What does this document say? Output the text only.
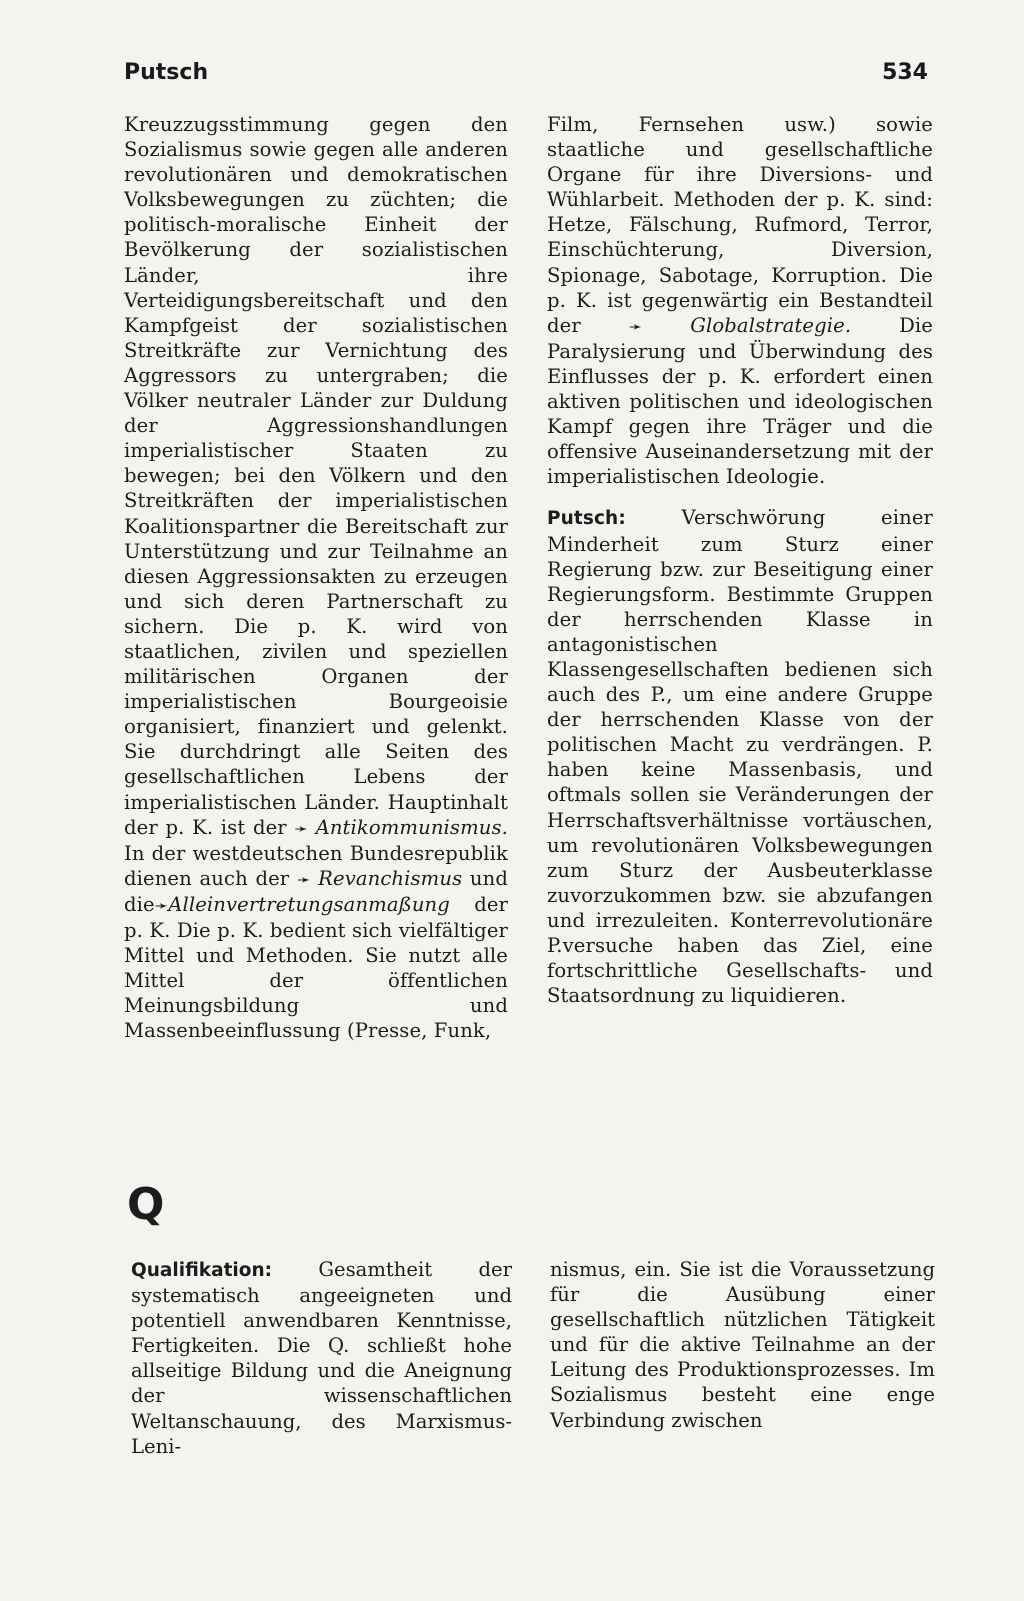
Putsch	534

Kreuzzugsstimmung gegen den Sozialismus sowie gegen alle anderen revolutionären und demokratischen Volksbewegungen zu züchten; die politisch-moralische Einheit der Bevölkerung der sozialistischen Länder, ihre Verteidigungsbereitschaft und den Kampfgeist der sozialistischen Streitkräfte zur Vernichtung des Aggressors zu untergraben; die Völker neutraler Länder zur Duldung der Aggressionshandlungen imperialistischer Staaten zu bewegen; bei den Völkern und den Streitkräften der imperialistischen Koalitionspartner die Bereitschaft zur Unterstützung und zur Teilnahme an diesen Aggressionsakten zu erzeugen und sich deren Partnerschaft zu sichern. Die p. K. wird von staatlichen, zivilen und speziellen militärischen Organen der imperialistischen Bourgeoisie organisiert, finanziert und gelenkt. Sie durchdringt alle Seiten des gesellschaftlichen Lebens der imperialistischen Länder. Hauptinhalt der p. K. ist der ➛ Antikommunismus. In der westdeutschen Bundesrepublik dienen auch der ➛ Revanchismus und die➛Alleinvertretungsanmaßung der p. K. Die p. K. bedient sich vielfältiger Mittel und Methoden. Sie nutzt alle Mittel der öffentlichen Meinungsbildung und Massenbeeinflussung (Presse, Funk,

Film, Fernsehen usw.) sowie staatliche und gesellschaftliche Organe für ihre Diversions- und Wühlarbeit. Methoden der p. K. sind: Hetze, Fälschung, Rufmord, Terror, Einschüchterung, Diversion, Spionage, Sabotage, Korruption. Die p. K. ist gegenwärtig ein Bestandteil der	➛ Globalstrategie. Die Paralysierung und Überwindung des Einflusses der p. K. erfordert einen aktiven politischen und ideologischen Kampf gegen ihre Träger und die offensive Auseinandersetzung mit der imperialistischen Ideologie.

Putsch: Verschwörung einer Minderheit zum Sturz einer Regierung bzw. zur Beseitigung einer Regierungsform. Bestimmte Gruppen der herrschenden Klasse in antagonistischen Klassengesellschaften bedienen sich auch des P., um eine andere Gruppe der herrschenden Klasse von der politischen Macht zu verdrängen. P. haben keine Massenbasis, und oftmals sollen sie Veränderungen der Herrschaftsverhältnisse vortäuschen, um revolutionären Volksbewegungen zum Sturz der Ausbeuterklasse zuvorzukommen bzw. sie abzufangen und irrezuleiten. Konterrevolutionäre P.versuche haben das Ziel, eine fortschrittliche Gesellschafts- und Staatsordnung zu liquidieren.

Q
Qualifikation: Gesamtheit der systematisch angeeigneten und potentiell anwendbaren Kenntnisse, Fertigkeiten. Die Q. schließt hohe allseitige Bildung und die Aneignung der wissenschaftlichen Weltanschauung, des Marxismus-Leni-
nismus, ein. Sie ist die Voraussetzung für die Ausübung einer gesellschaftlich nützlichen Tätigkeit und für die aktive Teilnahme an der Leitung des Produktionsprozesses. Im Sozialismus besteht eine enge Verbindung zwischen
